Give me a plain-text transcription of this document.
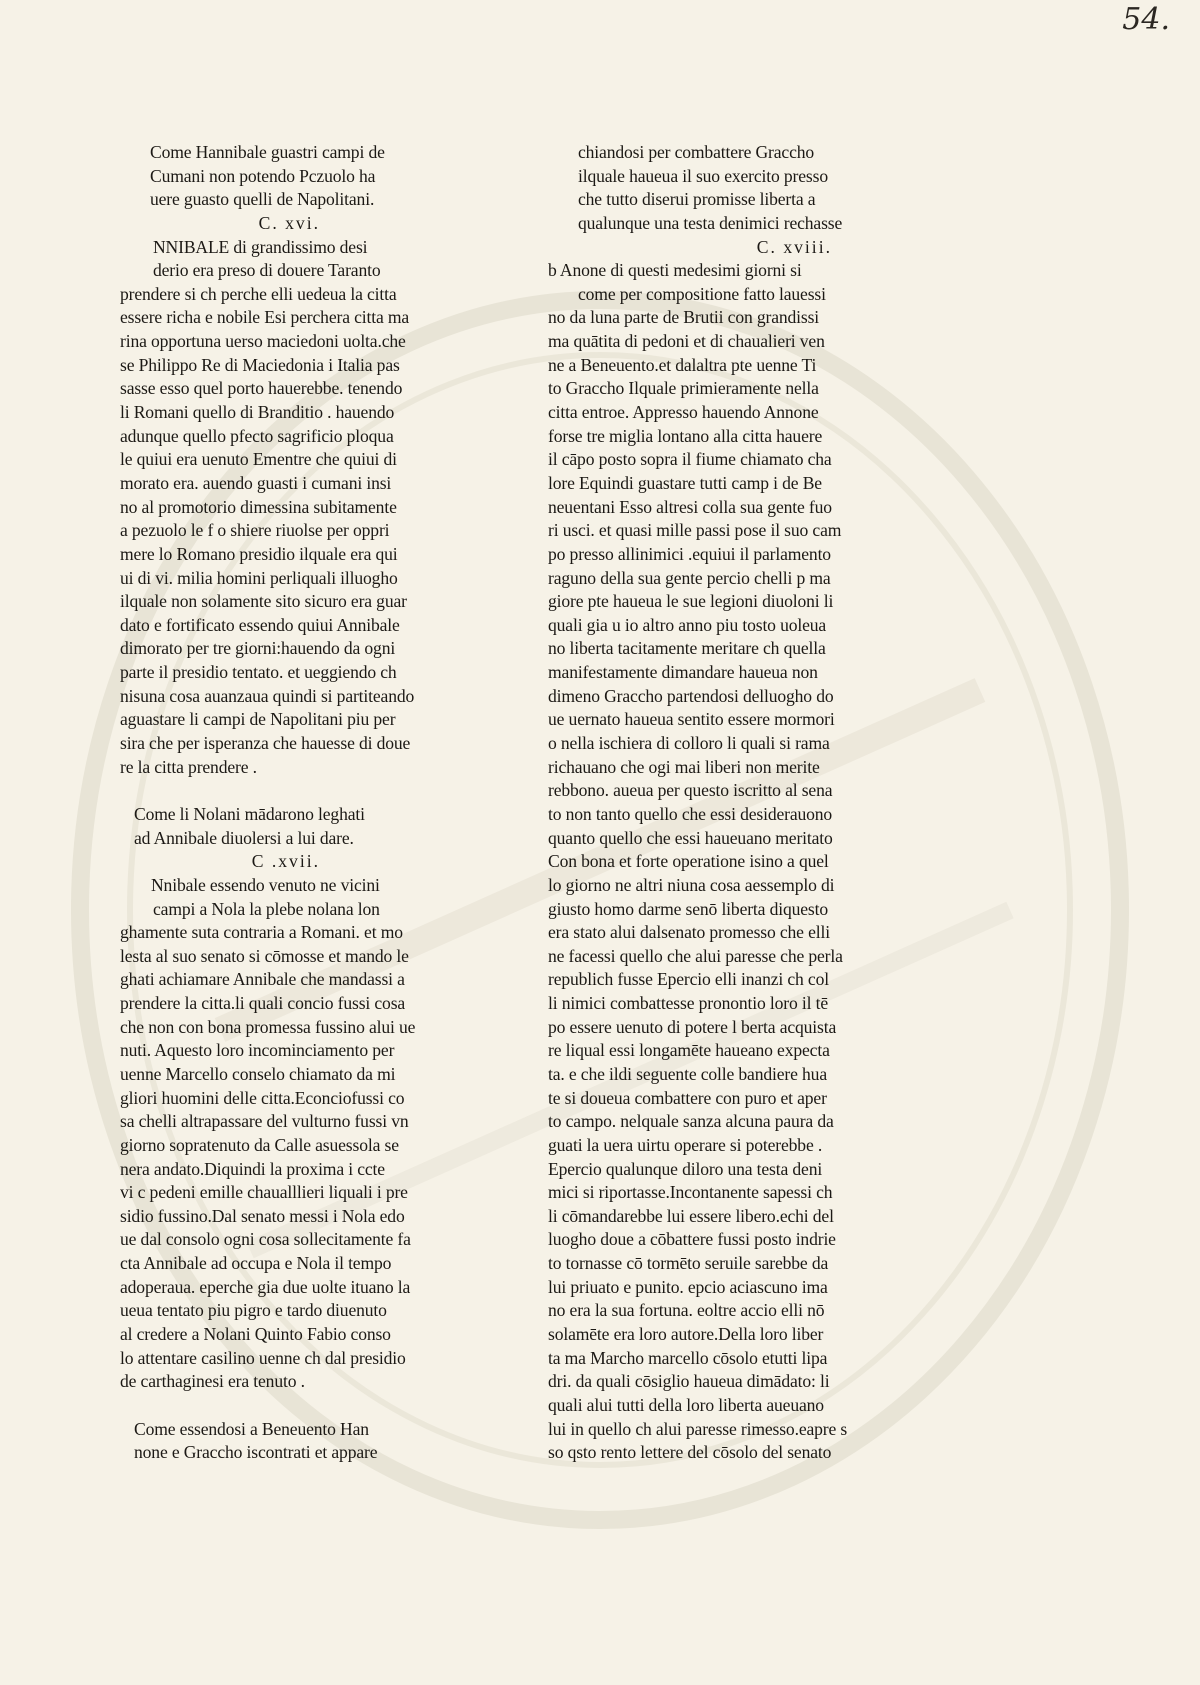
54.
Come Hannibale guastri campi de
Cumani non potendo Pczuolo ha
uere guasto quelli de Napolitani.
C. xvi.
NNIBALE di grandissimo desi
derio era preso di douere Taranto
prendere si ch perche elli uedeua la citta
essere richa e nobile Esi perchera citta ma
rina opportuna uerso maciedoni uolta.che
se Philippo Re di Maciedonia i Italia pas
sasse esso quel porto hauerebbe. tenendo
li Romani quello di Branditio . hauendo
adunque quello pfecto sagrificio ploqua
le quiui era uenuto Ementre che quiui di
morato era. auendo guasti i cumani insi
no al promotorio dimessina subitamente
a pezuolo le f o shiere riuolse per oppri
mere lo Romano presidio ilquale era qui
ui di vi. milia homini perliquali illuogho
ilquale non solamente sito sicuro era guar
dato e fortificato essendo quiui Annibale
dimorato per tre giorni:hauendo da ogni
parte il presidio tentato. et ueggiendo ch
nisuna cosa auanzaua quindi si partiteando
aguastare li campi de Napolitani piu per
sira che per isperanza che hauesse di doue
re la citta prendere .
Come li Nolani mādarono leghati
ad Annibale diuolersi a lui dare.
C .xvii.
Nnibale essendo venuto ne vicini
campi a Nola la plebe nolana lon
ghamente suta contraria a Romani. et mo
lesta al suo senato si cōmosse et mando le
ghati achiamare Annibale che mandassi a
prendere la citta.li quali concio fussi cosa
che non con bona promessa fussino alui ue
nuti. Aquesto loro incominciamento per
uenne Marcello conselo chiamato da mi
gliori huomini delle citta.Econciofussi co
sa chelli altrapassare del vulturno fussi vn
giorno sopratenuto da Calle asuessola se
nera andato.Diquindi la proxima i ccte
vi c pedeni emille chaualllieri liquali i pre
sidio fussino.Dal senato messi i Nola edo
ue dal consolo ogni cosa sollecitamente fa
cta Annibale ad occupa e Nola il tempo
adoperaua. eperche gia due uolte ituano la
ueua tentato piu pigro e tardo diuenuto
al credere a Nolani Quinto Fabio conso
lo attentare casilino uenne ch dal presidio
de carthaginesi era tenuto .
Come essendosi a Beneuento Han
none e Graccho iscontrati et appare
chiandosi per combattere Graccho
ilquale haueua il suo exercito presso
che tutto diserui promisse liberta a
qualunque una testa denimici rechasse
C. xviii.
b Anone di questi medesimi giorni si
come per compositione fatto lauessi
no da luna parte de Brutii con grandissi
ma quātita di pedoni et di chaualieri ven
ne a Beneuento.et dalaltra pte uenne Ti
to Graccho Ilquale primieramente nella
citta entroe. Appresso hauendo Annone
forse tre miglia lontano alla citta hauere
il cāpo posto sopra il fiume chiamato cha
lore Equindi guastare tutti camp i de Be
neuentani Esso altresi colla sua gente fuo
ri usci. et quasi mille passi pose il suo cam
po presso allinimici .equiui il parlamento
raguno della sua gente percio chelli p ma
giore pte haueua le sue legioni diuoloni li
quali gia u io altro anno piu tosto uoleua
no liberta tacitamente meritare ch quella
manifestamente dimandare haueua non
dimeno Graccho partendosi delluogho do
ue uernato haueua sentito essere mormori
o nella ischiera di colloro li quali si rama
richauano che ogi mai liberi non merite
rebbono. aueua per questo iscritto al sena
to non tanto quello che essi desiderauono
quanto quello che essi haueuano meritato
Con bona et forte operatione isino a quel
lo giorno ne altri niuna cosa aessemplo di
giusto homo darme senō liberta diquesto
era stato alui dalsenato promesso che elli
ne facessi quello che alui paresse che perla
republich fusse Epercio elli inanzi ch col
li nimici combattesse pronontio loro il tē
po essere uenuto di potere l berta acquista
re liqual essi longamēte haueano expecta
ta. e che ildi seguente colle bandiere hua
te si doueua combattere con puro et aper
to campo. nelquale sanza alcuna paura da
guati la uera uirtu operare si poterebbe .
Epercio qualunque diloro una testa deni
mici si riportasse.Incontanente sapessi ch
li cōmandarebbe lui essere libero.echi del
luogho doue a cōbattere fussi posto indrie
to tornasse cō tormēto seruile sarebbe da
lui priuato e punito. epcio aciascuno ima
no era la sua fortuna. eoltre accio elli nō
solamēte era loro autore.Della loro liber
ta ma Marcho marcello cōsolo etutti lipa
dri. da quali cōsiglio haueua dimādato: li
quali alui tutti della loro liberta aueuano
lui in quello ch alui paresse rimesso.eapre s
so qsto rento lettere del cōsolo del senato
